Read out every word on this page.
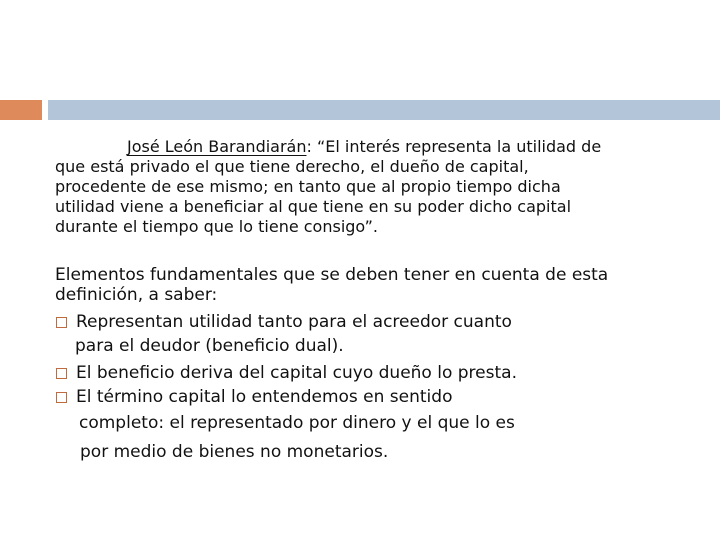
José León Barandiarán: “El interés representa la utilidad de
que está privado el que tiene derecho, el dueño de capital,
procedente de ese mismo; en tanto que al propio tiempo dicha
utilidad viene a beneficiar al que tiene en su poder dicho capital
durante el tiempo que lo tiene consigo”.
Elementos fundamentales que se deben tener en cuenta de esta
definición, a saber:
Representan utilidad tanto para el acreedor cuanto
para el deudor (beneficio dual).
El beneficio deriva del capital cuyo dueño lo presta.
El término capital lo entendemos en sentido
completo: el representado por dinero y el que lo es
por medio de bienes no monetarios.
